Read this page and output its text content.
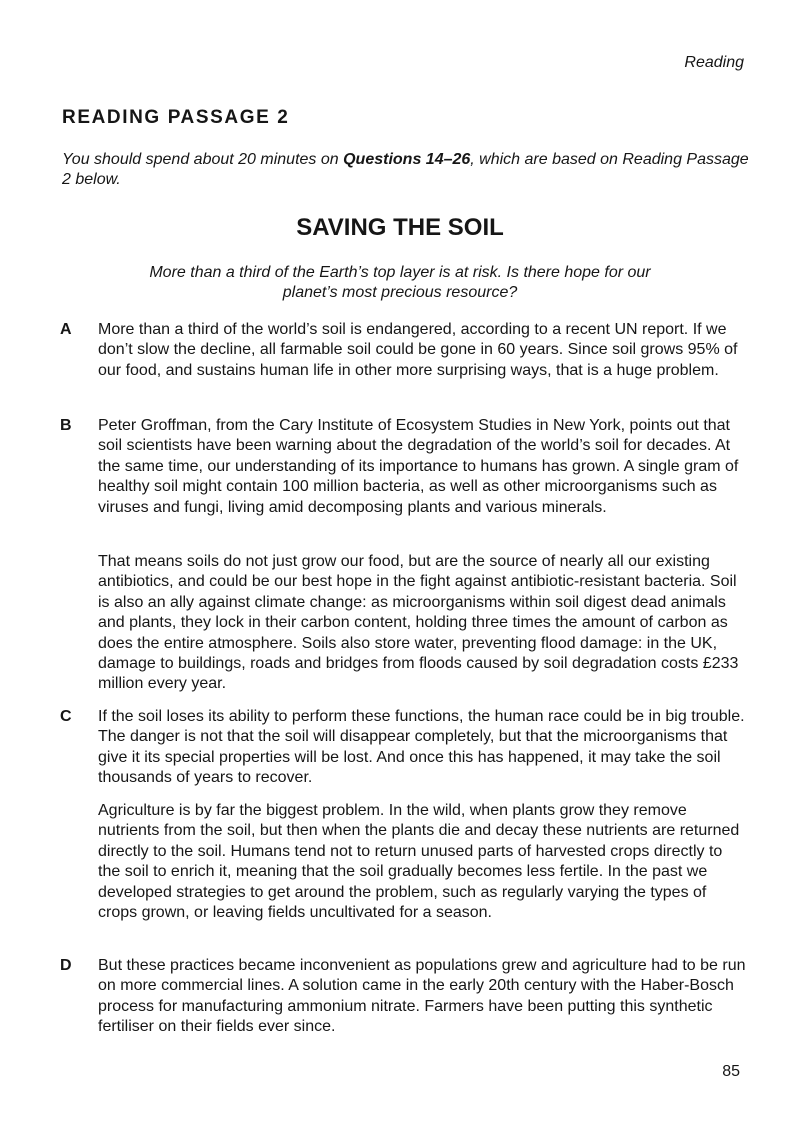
Reading
READING PASSAGE 2
You should spend about 20 minutes on Questions 14–26, which are based on Reading Passage 2 below.
SAVING THE SOIL
More than a third of the Earth’s top layer is at risk. Is there hope for our planet’s most precious resource?
A More than a third of the world’s soil is endangered, according to a recent UN report. If we don’t slow the decline, all farmable soil could be gone in 60 years. Since soil grows 95% of our food, and sustains human life in other more surprising ways, that is a huge problem.

B Peter Groffman, from the Cary Institute of Ecosystem Studies in New York, points out that soil scientists have been warning about the degradation of the world’s soil for decades. At the same time, our understanding of its importance to humans has grown. A single gram of healthy soil might contain 100 million bacteria, as well as other microorganisms such as viruses and fungi, living amid decomposing plants and various minerals.

That means soils do not just grow our food, but are the source of nearly all our existing antibiotics, and could be our best hope in the fight against antibiotic-resistant bacteria. Soil is also an ally against climate change: as microorganisms within soil digest dead animals and plants, they lock in their carbon content, holding three times the amount of carbon as does the entire atmosphere. Soils also store water, preventing flood damage: in the UK, damage to buildings, roads and bridges from floods caused by soil degradation costs £233 million every year.

C If the soil loses its ability to perform these functions, the human race could be in big trouble. The danger is not that the soil will disappear completely, but that the microorganisms that give it its special properties will be lost. And once this has happened, it may take the soil thousands of years to recover.

Agriculture is by far the biggest problem. In the wild, when plants grow they remove nutrients from the soil, but then when the plants die and decay these nutrients are returned directly to the soil. Humans tend not to return unused parts of harvested crops directly to the soil to enrich it, meaning that the soil gradually becomes less fertile. In the past we developed strategies to get around the problem, such as regularly varying the types of crops grown, or leaving fields uncultivated for a season.

D But these practices became inconvenient as populations grew and agriculture had to be run on more commercial lines. A solution came in the early 20th century with the Haber-Bosch process for manufacturing ammonium nitrate. Farmers have been putting this synthetic fertiliser on their fields ever since.

85
